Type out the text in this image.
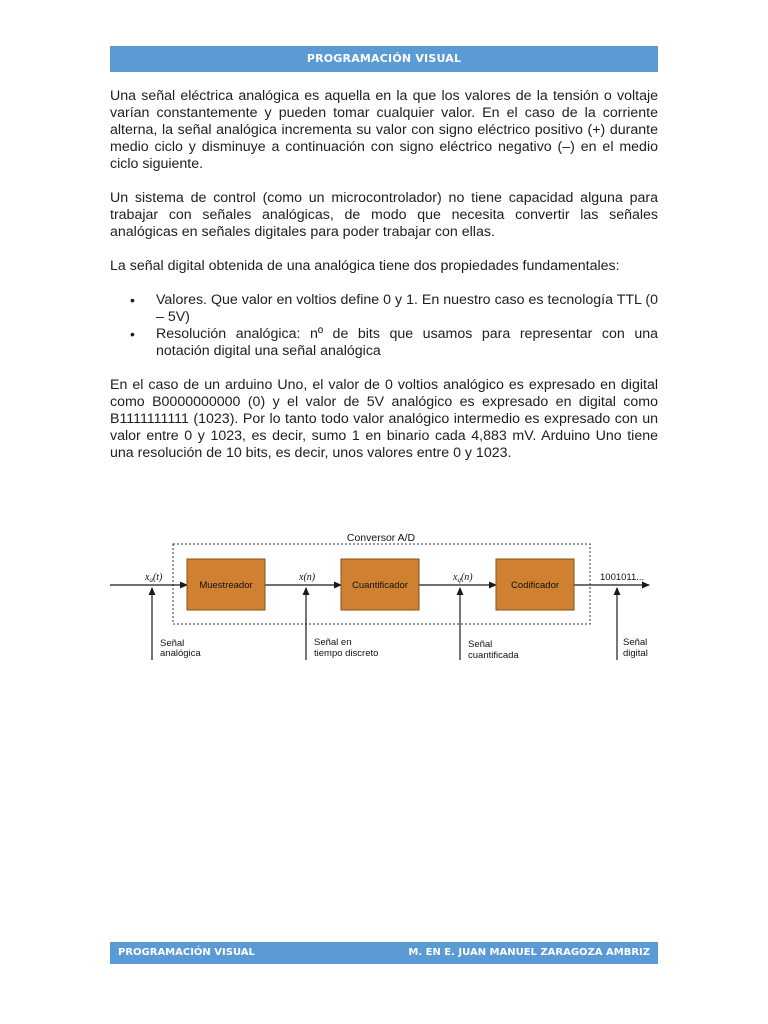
PROGRAMACIÓN VISUAL

Una señal eléctrica analógica es aquella en la que los valores de la tensión o voltaje varían constantemente y pueden tomar cualquier valor. En el caso de la corriente alterna, la señal analógica incrementa su valor con signo eléctrico positivo (+) durante medio ciclo y disminuye a continuación con signo eléctrico negativo (–) en el medio ciclo siguiente.

Un sistema de control (como un microcontrolador) no tiene capacidad alguna para trabajar con señales analógicas, de modo que necesita convertir las señales analógicas en señales digitales para poder trabajar con ellas.

La señal digital obtenida de una analógica tiene dos propiedades fundamentales:

• Valores. Que valor en voltios define 0 y 1. En nuestro caso es tecnología TTL (0 – 5V)
• Resolución analógica: nº de bits que usamos para representar con una notación digital una señal analógica

En el caso de un arduino Uno, el valor de 0 voltios analógico es expresado en digital como B0000000000 (0) y el valor de 5V analógico es expresado en digital como B1111111111 (1023). Por lo tanto todo valor analógico intermedio es expresado con un valor entre 0 y 1023, es decir, sumo 1 en binario cada 4,883 mV. Arduino Uno tiene una resolución de 10 bits, es decir, unos valores entre 0 y 1023.

Conversor A/D
Muestreador	Cuantificador	Codificador
$x_a(t)$	x(n)	$x_q(n)$	1001011...
Señal
analógica
Señal en
tiempo discreto
Señal
cuantificada
Señal
digital
PROGRAMACIÓN VISUAL	M. EN E. JUAN MANUEL ZARAGOZA AMBRIZ
